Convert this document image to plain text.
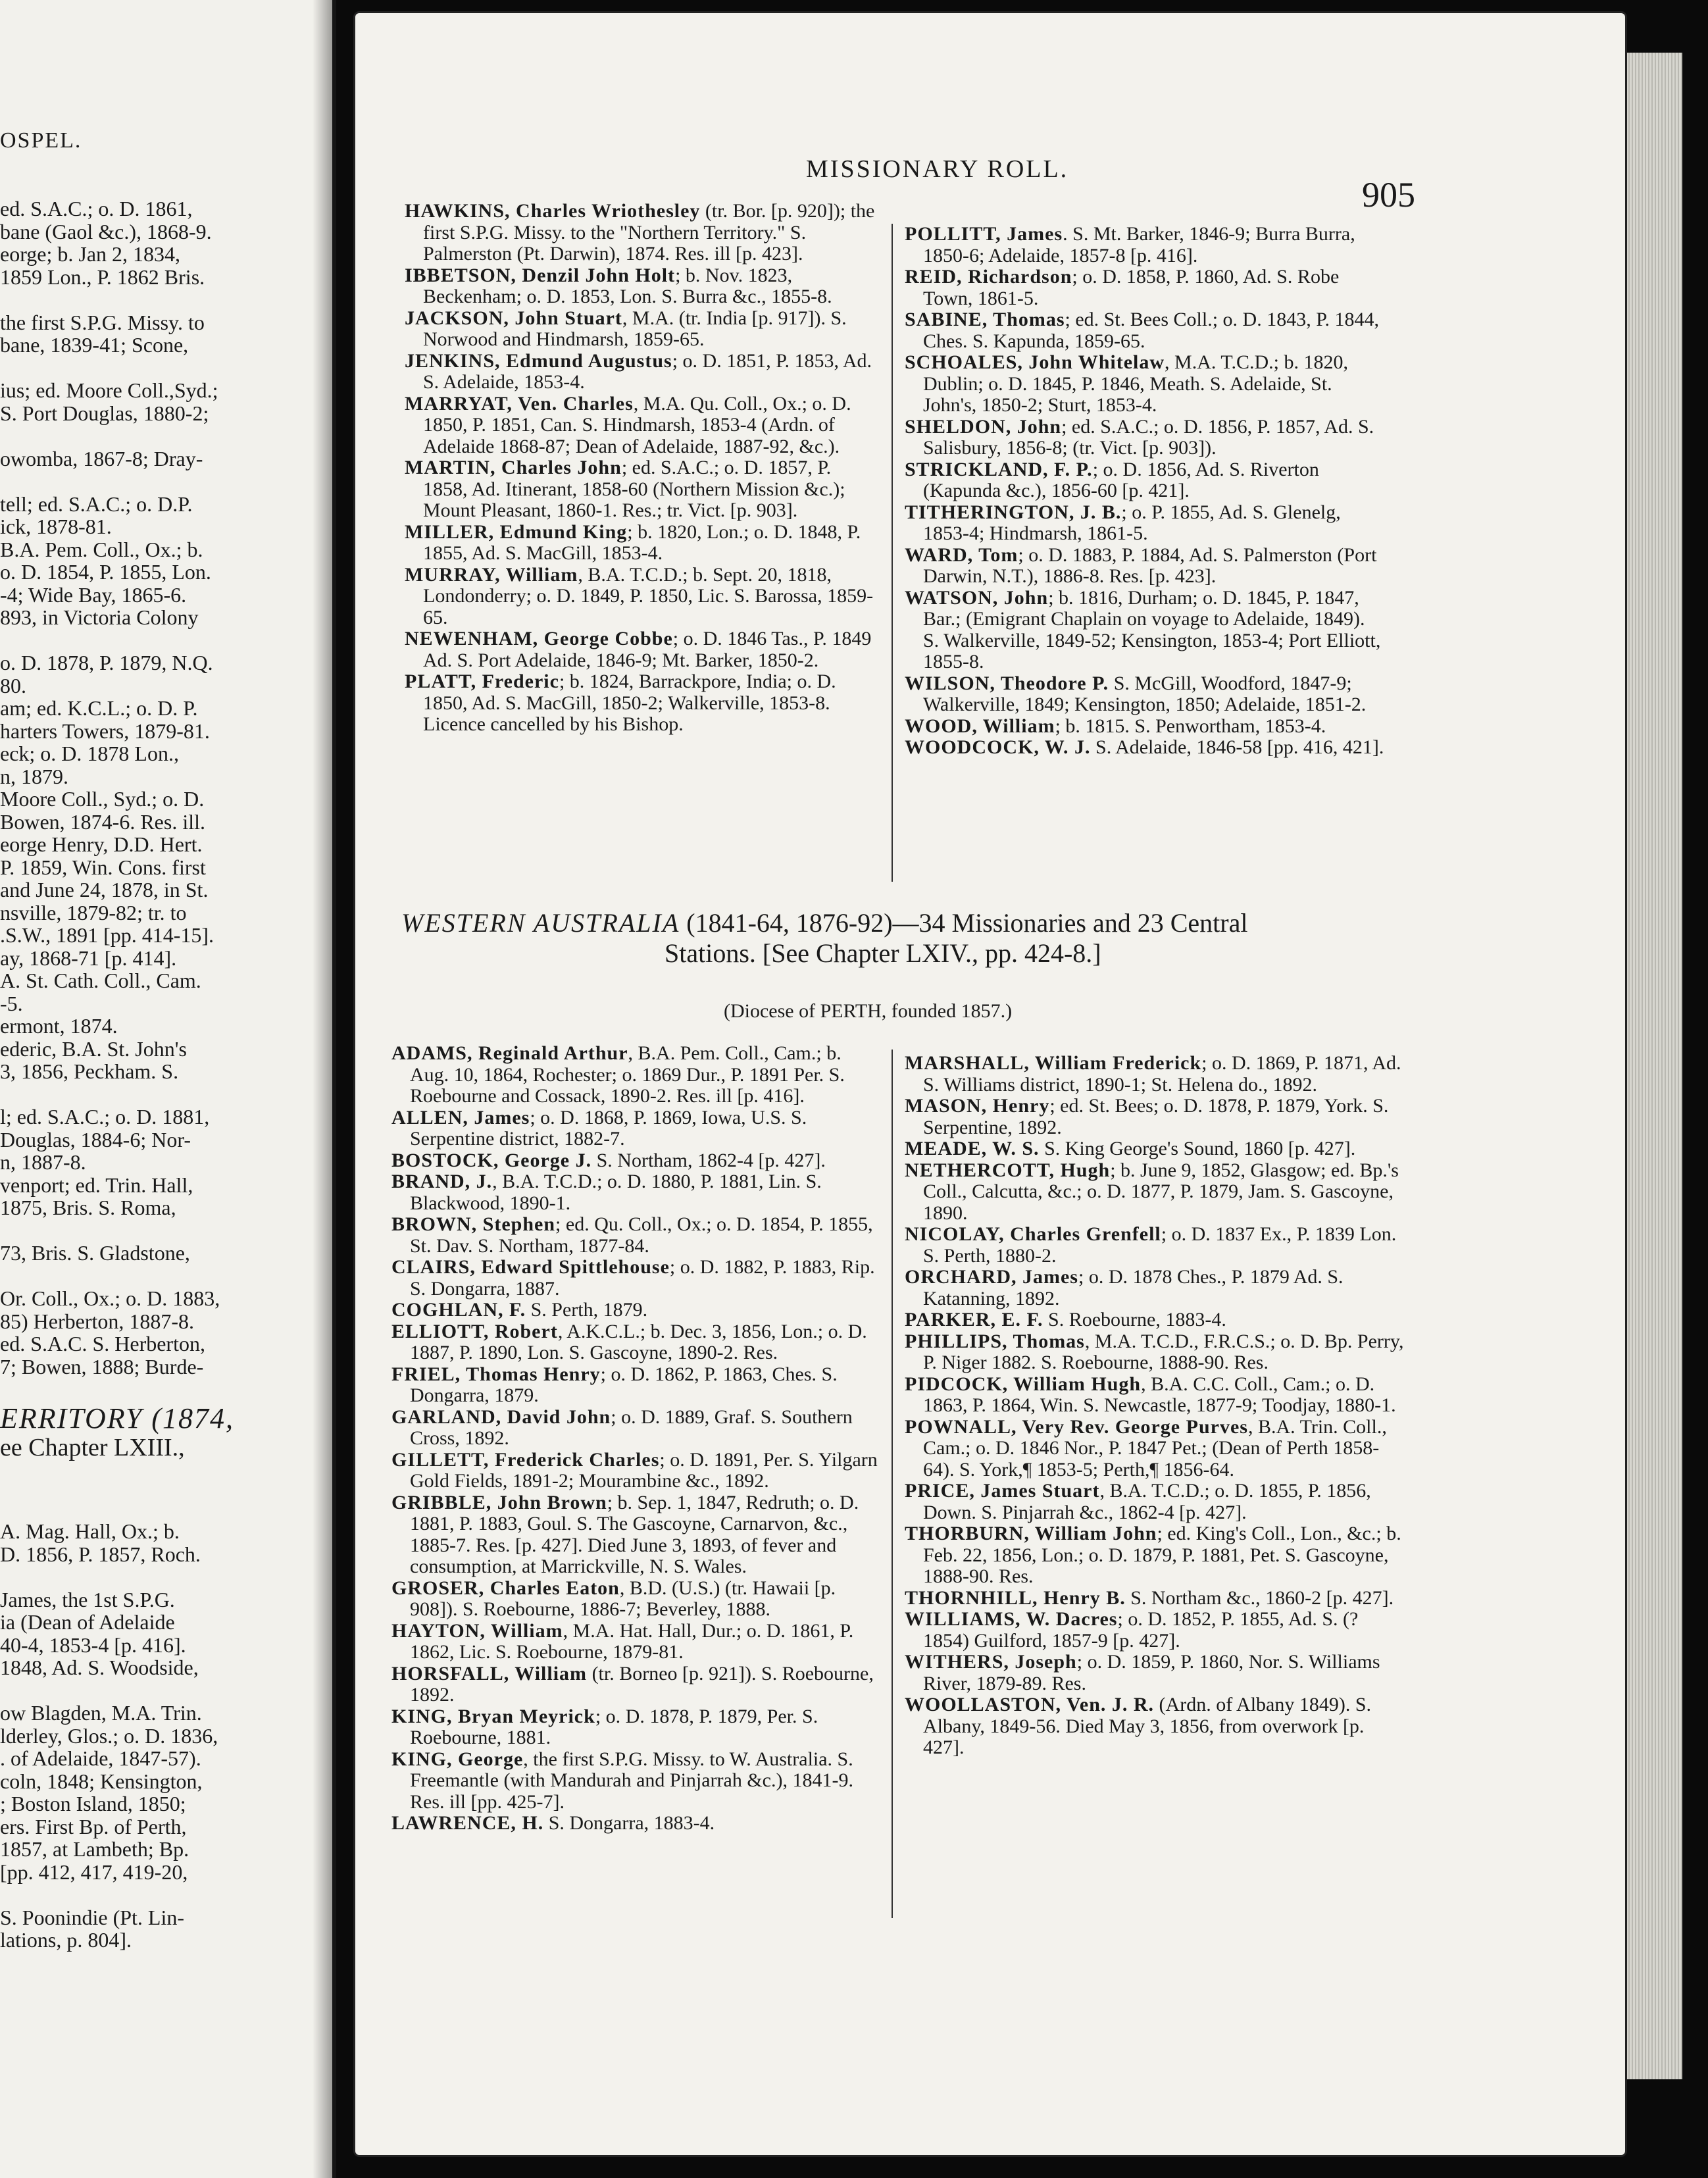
OSPEL.
ed. S.A.C.; o. D. 1861,
bane (Gaol &c.), 1868-9.
eorge; b. Jan 2, 1834,
1859 Lon., P. 1862 Bris.
the first S.P.G. Missy. to
bane, 1839-41; Scone,
ius; ed. Moore Coll.,Syd.;
S. Port Douglas, 1880-2;
owomba, 1867-8; Dray-
tell; ed. S.A.C.; o. D.P.
ick, 1878-81.
B.A. Pem. Coll., Ox.; b.
o. D. 1854, P. 1855, Lon.
-4; Wide Bay, 1865-6.
893, in Victoria Colony
o. D. 1878, P. 1879, N.Q.
80.
am; ed. K.C.L.; o. D. P.
harters Towers, 1879-81.
eck; o. D. 1878 Lon.,
n, 1879.
Moore Coll., Syd.; o. D.
Bowen, 1874-6. Res. ill.
eorge Henry, D.D. Hert.
P. 1859, Win. Cons. first
and June 24, 1878, in St.
nsville, 1879-82; tr. to
.S.W., 1891 [pp. 414-15].
ay, 1868-71 [p. 414].
A. St. Cath. Coll., Cam.
-5.
ermont, 1874.
ederic, B.A. St. John's
3, 1856, Peckham. S.
l; ed. S.A.C.; o. D. 1881,
Douglas, 1884-6; Nor-
n, 1887-8.
venport; ed. Trin. Hall,
1875, Bris. S. Roma,
73, Bris. S. Gladstone,
Or. Coll., Ox.; o. D. 1883,
85) Herberton, 1887-8.
ed. S.A.C. S. Herberton,
7; Bowen, 1888; Burde-
ERRITORY (1874,
ee Chapter LXIII.,
A. Mag. Hall, Ox.; b.
D. 1856, P. 1857, Roch.
James, the 1st S.P.G.
ia (Dean of Adelaide
40-4, 1853-4 [p. 416].
1848, Ad. S. Woodside,
ow Blagden, M.A. Trin.
lderley, Glos.; o. D. 1836,
. of Adelaide, 1847-57).
coln, 1848; Kensington,
; Boston Island, 1850;
ers. First Bp. of Perth,
1857, at Lambeth; Bp.
[pp. 412, 417, 419-20,
S. Poonindie (Pt. Lin-
lations, p. 804].
MISSIONARY ROLL.
905

HAWKINS, Charles Wriothesley (tr. Bor. [p. 920]); the first S.P.G. Missy. to the "Northern Territory." S. Palmerston (Pt. Darwin), 1874. Res. ill [p. 423].

IBBETSON, Denzil John Holt; b. Nov. 1823, Beckenham; o. D. 1853, Lon. S. Burra &c., 1855-8.

JACKSON, John Stuart, M.A. (tr. India [p. 917]). S. Norwood and Hindmarsh, 1859-65.

JENKINS, Edmund Augustus; o. D. 1851, P. 1853, Ad. S. Adelaide, 1853-4.

MARRYAT, Ven. Charles, M.A. Qu. Coll., Ox.; o. D. 1850, P. 1851, Can. S. Hindmarsh, 1853-4 (Ardn. of Adelaide 1868-87; Dean of Adelaide, 1887-92, &c.).

MARTIN, Charles John; ed. S.A.C.; o. D. 1857, P. 1858, Ad. Itinerant, 1858-60 (Northern Mission &c.); Mount Pleasant, 1860-1. Res.; tr. Vict. [p. 903].

MILLER, Edmund King; b. 1820, Lon.; o. D. 1848, P. 1855, Ad. S. MacGill, 1853-4.

MURRAY, William, B.A. T.C.D.; b. Sept. 20, 1818, Londonderry; o. D. 1849, P. 1850, Lic. S. Barossa, 1859-65.

NEWENHAM, George Cobbe; o. D. 1846 Tas., P. 1849 Ad. S. Port Adelaide, 1846-9; Mt. Barker, 1850-2.

PLATT, Frederic; b. 1824, Barrackpore, India; o. D. 1850, Ad. S. MacGill, 1850-2; Walkerville, 1853-8. Licence cancelled by his Bishop.

POLLITT, James. S. Mt. Barker, 1846-9; Burra Burra, 1850-6; Adelaide, 1857-8 [p. 416].

REID, Richardson; o. D. 1858, P. 1860, Ad. S. Robe Town, 1861-5.

SABINE, Thomas; ed. St. Bees Coll.; o. D. 1843, P. 1844, Ches. S. Kapunda, 1859-65.

SCHOALES, John Whitelaw, M.A. T.C.D.; b. 1820, Dublin; o. D. 1845, P. 1846, Meath. S. Adelaide, St. John's, 1850-2; Sturt, 1853-4.

SHELDON, John; ed. S.A.C.; o. D. 1856, P. 1857, Ad. S. Salisbury, 1856-8; (tr. Vict. [p. 903]).

STRICKLAND, F. P.; o. D. 1856, Ad. S. Riverton (Kapunda &c.), 1856-60 [p. 421].

TITHERINGTON, J. B.; o. P. 1855, Ad. S. Glenelg, 1853-4; Hindmarsh, 1861-5.

WARD, Tom; o. D. 1883, P. 1884, Ad. S. Palmerston (Port Darwin, N.T.), 1886-8. Res. [p. 423].

WATSON, John; b. 1816, Durham; o. D. 1845, P. 1847, Bar.; (Emigrant Chaplain on voyage to Adelaide, 1849). S. Walkerville, 1849-52; Kensington, 1853-4; Port Elliott, 1855-8.

WILSON, Theodore P. S. McGill, Woodford, 1847-9; Walkerville, 1849; Kensington, 1850; Adelaide, 1851-2.

WOOD, William; b. 1815. S. Penwortham, 1853-4.

WOODCOCK, W. J. S. Adelaide, 1846-58 [pp. 416, 421].

WESTERN AUSTRALIA (1841-64, 1876-92)—34 Missionaries and 23 Central
Stations. [See Chapter LXIV., pp. 424-8.]
(Diocese of PERTH, founded 1857.)

ADAMS, Reginald Arthur, B.A. Pem. Coll., Cam.; b. Aug. 10, 1864, Rochester; o. 1869 Dur., P. 1891 Per. S. Roebourne and Cossack, 1890-2. Res. ill [p. 416].

ALLEN, James; o. D. 1868, P. 1869, Iowa, U.S. S. Serpentine district, 1882-7.

BOSTOCK, George J. S. Northam, 1862-4 [p. 427].

BRAND, J., B.A. T.C.D.; o. D. 1880, P. 1881, Lin. S. Blackwood, 1890-1.

BROWN, Stephen; ed. Qu. Coll., Ox.; o. D. 1854, P. 1855, St. Dav. S. Northam, 1877-84.

CLAIRS, Edward Spittlehouse; o. D. 1882, P. 1883, Rip. S. Dongarra, 1887.

COGHLAN, F. S. Perth, 1879.

ELLIOTT, Robert, A.K.C.L.; b. Dec. 3, 1856, Lon.; o. D. 1887, P. 1890, Lon. S. Gascoyne, 1890-2. Res.

FRIEL, Thomas Henry; o. D. 1862, P. 1863, Ches. S. Dongarra, 1879.

GARLAND, David John; o. D. 1889, Graf. S. Southern Cross, 1892.

GILLETT, Frederick Charles; o. D. 1891, Per. S. Yilgarn Gold Fields, 1891-2; Mourambine &c., 1892.

GRIBBLE, John Brown; b. Sep. 1, 1847, Redruth; o. D. 1881, P. 1883, Goul. S. The Gascoyne, Carnarvon, &c., 1885-7. Res. [p. 427]. Died June 3, 1893, of fever and consumption, at Marrickville, N. S. Wales.

GROSER, Charles Eaton, B.D. (U.S.) (tr. Hawaii [p. 908]). S. Roebourne, 1886-7; Beverley, 1888.

HAYTON, William, M.A. Hat. Hall, Dur.; o. D. 1861, P. 1862, Lic. S. Roebourne, 1879-81.

HORSFALL, William (tr. Borneo [p. 921]). S. Roebourne, 1892.

KING, Bryan Meyrick; o. D. 1878, P. 1879, Per. S. Roebourne, 1881.

KING, George, the first S.P.G. Missy. to W. Australia. S. Freemantle (with Mandurah and Pinjarrah &c.), 1841-9. Res. ill [pp. 425-7].

LAWRENCE, H. S. Dongarra, 1883-4.

MARSHALL, William Frederick; o. D. 1869, P. 1871, Ad. S. Williams district, 1890-1; St. Helena do., 1892.

MASON, Henry; ed. St. Bees; o. D. 1878, P. 1879, York. S. Serpentine, 1892.

MEADE, W. S. S. King George's Sound, 1860 [p. 427].

NETHERCOTT, Hugh; b. June 9, 1852, Glasgow; ed. Bp.'s Coll., Calcutta, &c.; o. D. 1877, P. 1879, Jam. S. Gascoyne, 1890.

NICOLAY, Charles Grenfell; o. D. 1837 Ex., P. 1839 Lon. S. Perth, 1880-2.

ORCHARD, James; o. D. 1878 Ches., P. 1879 Ad. S. Katanning, 1892.

PARKER, E. F. S. Roebourne, 1883-4.

PHILLIPS, Thomas, M.A. T.C.D., F.R.C.S.; o. D. Bp. Perry, P. Niger 1882. S. Roebourne, 1888-90. Res.

PIDCOCK, William Hugh, B.A. C.C. Coll., Cam.; o. D. 1863, P. 1864, Win. S. Newcastle, 1877-9; Toodjay, 1880-1.

POWNALL, Very Rev. George Purves, B.A. Trin. Coll., Cam.; o. D. 1846 Nor., P. 1847 Pet.; (Dean of Perth 1858-64). S. York,¶ 1853-5; Perth,¶ 1856-64.

PRICE, James Stuart, B.A. T.C.D.; o. D. 1855, P. 1856, Down. S. Pinjarrah &c., 1862-4 [p. 427].

THORBURN, William John; ed. King's Coll., Lon., &c.; b. Feb. 22, 1856, Lon.; o. D. 1879, P. 1881, Pet. S. Gascoyne, 1888-90. Res.

THORNHILL, Henry B. S. Northam &c., 1860-2 [p. 427].

WILLIAMS, W. Dacres; o. D. 1852, P. 1855, Ad. S. (? 1854) Guilford, 1857-9 [p. 427].

WITHERS, Joseph; o. D. 1859, P. 1860, Nor. S. Williams River, 1879-89. Res.

WOOLLASTON, Ven. J. R. (Ardn. of Albany 1849). S. Albany, 1849-56. Died May 3, 1856, from overwork [p. 427].
